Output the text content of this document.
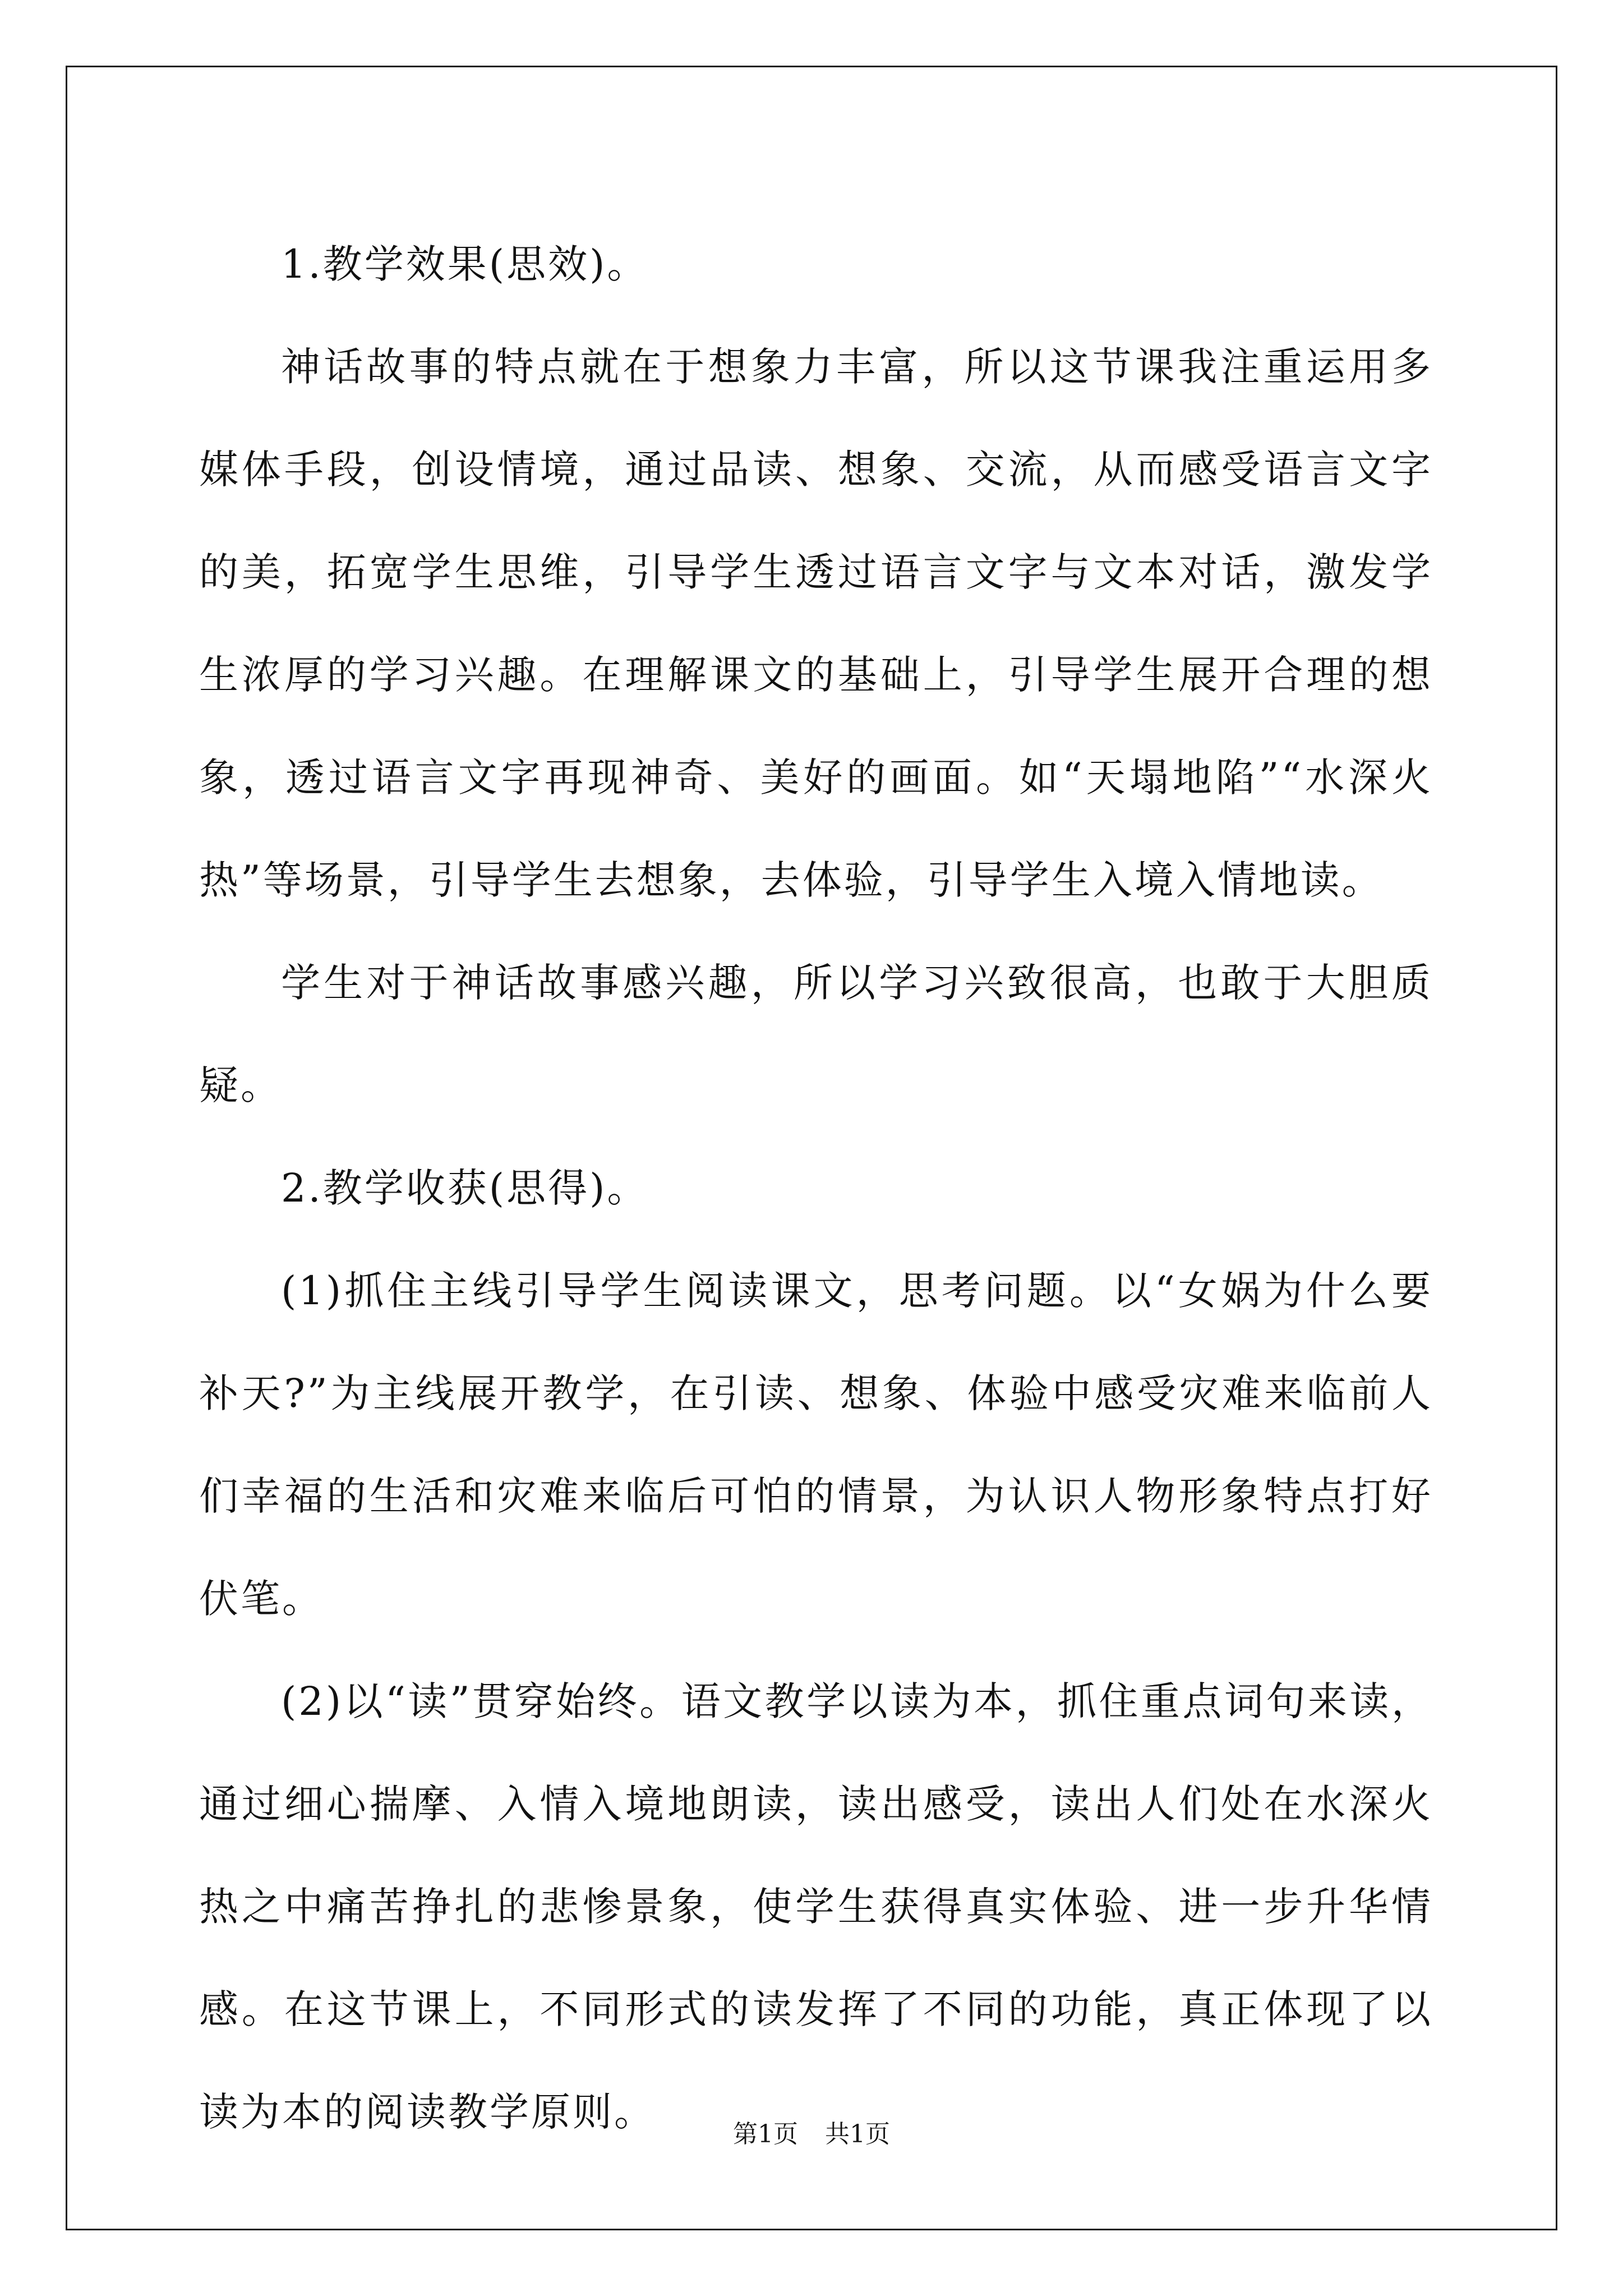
1.教学效果(思效)。

神话故事的特点就在于想象力丰富，所以这节课我注重运用多媒体手段，创设情境，通过品读、想象、交流，从而感受语言文字的美，拓宽学生思维，引导学生透过语言文字与文本对话，激发学生浓厚的学习兴趣。在理解课文的基础上，引导学生展开合理的想象，透过语言文字再现神奇、美好的画面。如“天塌地陷”“水深火热”等场景，引导学生去想象，去体验，引导学生入境入情地读。

学生对于神话故事感兴趣，所以学习兴致很高，也敢于大胆质疑。

2.教学收获(思得)。

(1)抓住主线引导学生阅读课文，思考问题。以“女娲为什么要补天?”为主线展开教学，在引读、想象、体验中感受灾难来临前人们幸福的生活和灾难来临后可怕的情景，为认识人物形象特点打好伏笔。

(2)以“读”贯穿始终。语文教学以读为本，抓住重点词句来读，通过细心揣摩、入情入境地朗读，读出感受，读出人们处在水深火热之中痛苦挣扎的悲惨景象，使学生获得真实体验、进一步升华情感。在这节课上，不同形式的读发挥了不同的功能，真正体现了以读为本的阅读教学原则。	第1页 共1页
